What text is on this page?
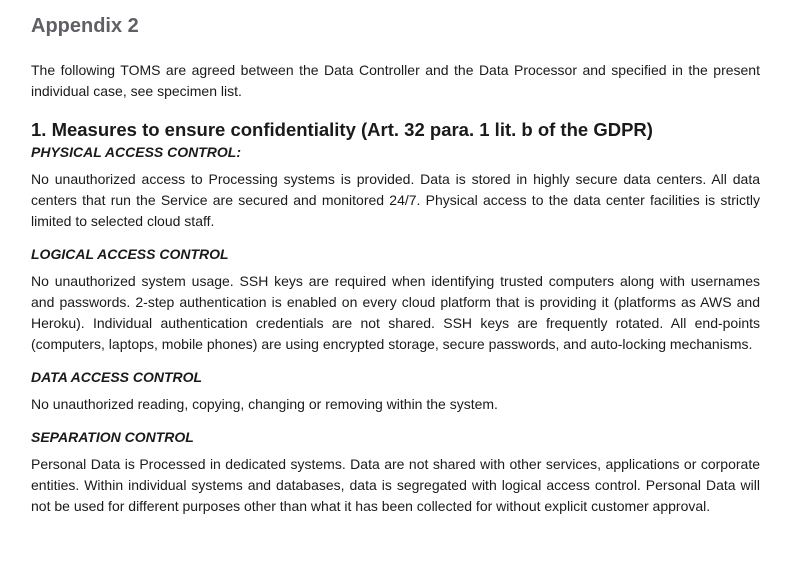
Appendix 2

The following TOMS are agreed between the Data Controller and the Data Processor and specified in the present individual case, see specimen list.

1. Measures to ensure confidentiality (Art. 32 para. 1 lit. b of the GDPR)
PHYSICAL ACCESS CONTROL:

No unauthorized access to Processing systems is provided. Data is stored in highly secure data centers. All data centers that run the Service are secured and monitored 24/7. Physical access to the data center facilities is strictly limited to selected cloud staff.

LOGICAL ACCESS CONTROL

No unauthorized system usage. SSH keys are required when identifying trusted computers along with usernames and passwords. 2-step authentication is enabled on every cloud platform that is providing it (platforms as AWS and Heroku). Individual authentication credentials are not shared. SSH keys are frequently rotated. All end-points (computers, laptops, mobile phones) are using encrypted storage, secure passwords, and auto-locking mechanisms.

DATA ACCESS CONTROL

No unauthorized reading, copying, changing or removing within the system.

SEPARATION CONTROL

Personal Data is Processed in dedicated systems. Data are not shared with other services, applications or corporate entities. Within individual systems and databases, data is segregated with logical access control. Personal Data will not be used for different purposes other than what it has been collected for without explicit customer approval.
